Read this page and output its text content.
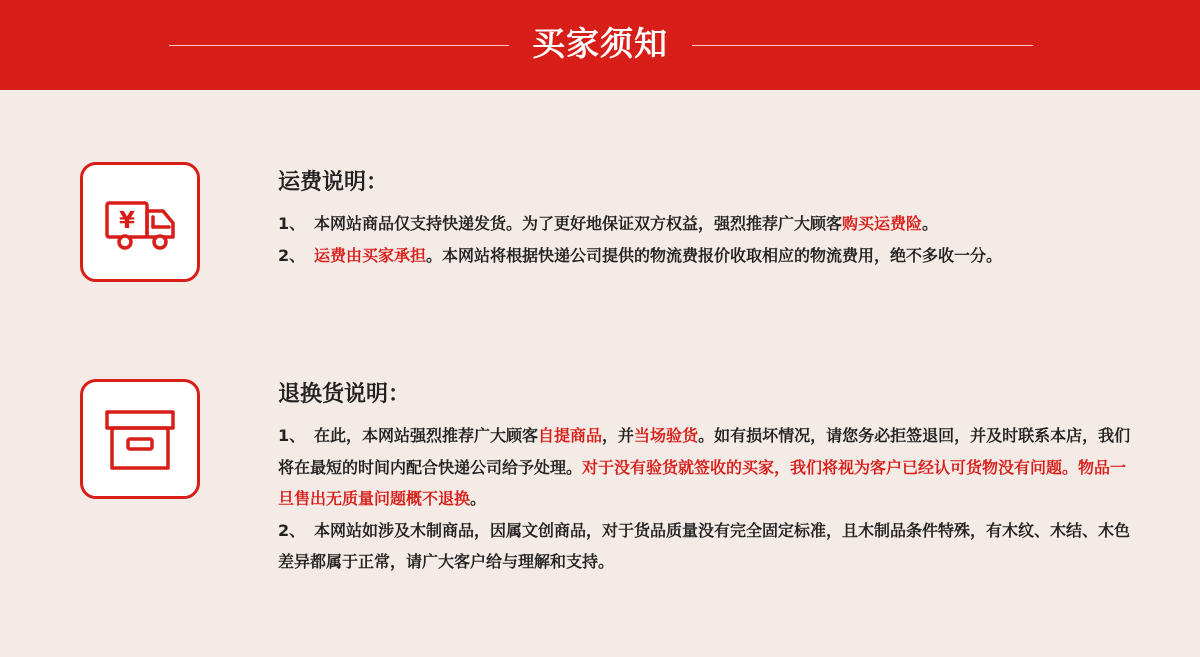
买家须知
¥
运费说明：
1、 本网站商品仅支持快递发货。为了更好地保证双方权益，强烈推荐广大顾客购买运费险。
2、 运费由买家承担。本网站将根据快递公司提供的物流费报价收取相应的物流费用，绝不多收一分。
退换货说明：
1、 在此，本网站强烈推荐广大顾客自提商品，并当场验货。如有损坏情况，请您务必拒签退回，并及时联系本店，我们将在最短的时间内配合快递公司给予处理。对于没有验货就签收的买家，我们将视为客户已经认可货物没有问题。物品一旦售出无质量问题概不退换。
2、 本网站如涉及木制商品，因属文创商品，对于货品质量没有完全固定标准，且木制品条件特殊，有木纹、木结、木色差异都属于正常，请广大客户给与理解和支持。
